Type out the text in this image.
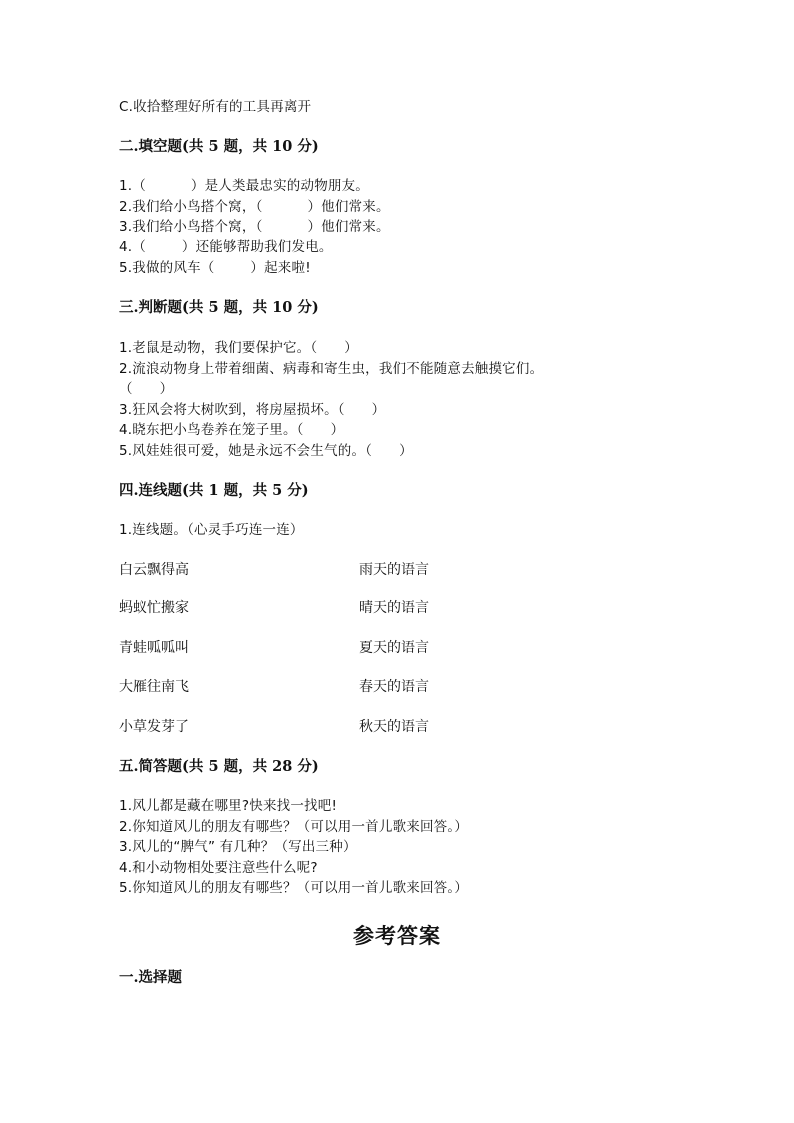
C.收拾整理好所有的工具再离开
二.填空题(共 5 题，共 10 分)
1.（          ）是人类最忠实的动物朋友。
2.我们给小鸟搭个窝，（          ）他们常来。
3.我们给小鸟搭个窝，（          ）他们常来。
4.（        ）还能够帮助我们发电。
5.我做的风车（        ）起来啦!
三.判断题(共 5 题，共 10 分)
1.老鼠是动物，我们要保护它。（      ）
2.流浪动物身上带着细菌、病毒和寄生虫，我们不能随意去触摸它们。
（      ）
3.狂风会将大树吹到，将房屋损坏。（      ）
4.晓东把小鸟卷养在笼子里。（      ）
5.风娃娃很可爱，她是永远不会生气的。（      ）
四.连线题(共 1 题，共 5 分)
1.连线题。（心灵手巧连一连）
白云飘得高	雨天的语言
蚂蚁忙搬家	晴天的语言
青蛙呱呱叫	夏天的语言
大雁往南飞	春天的语言
小草发芽了	秋天的语言
五.简答题(共 5 题，共 28 分)
1.风儿都是藏在哪里?快来找一找吧!
2.你知道风儿的朋友有哪些？（可以用一首儿歌来回答。）
3.风儿的“脾气” 有几种？（写出三种）
4.和小动物相处要注意些什么呢?
5.你知道风儿的朋友有哪些？（可以用一首儿歌来回答。）
参考答案
一.选择题
